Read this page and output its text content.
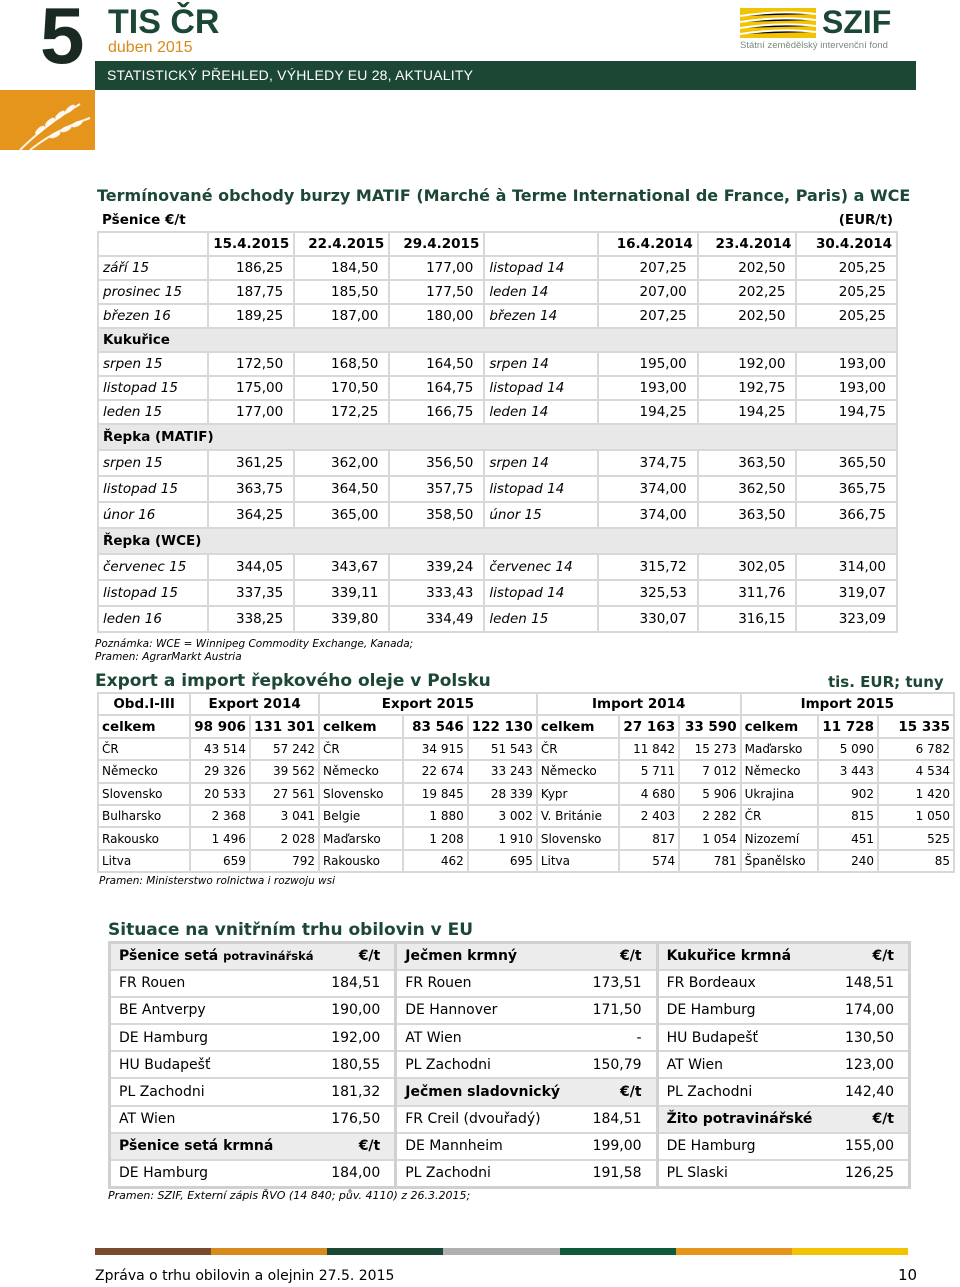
5 TIS ČR
duben 2015
STATISTICKÝ PŘEHLED, VÝHLEDY EU 28, AKTUALITY
SZIF
Státní zemědělský intervenční fond
Termínované obchody burzy MATIF (Marché à Terme International de France, Paris) a WCE
Pšenice €/t							(EUR/t)
	15.4.2015	22.4.2015	29.4.2015		16.4.2014	23.4.2014	30.4.2014
září 15	186,25	184,50	177,00	listopad 14	207,25	202,50	205,25
prosinec 15	187,75	185,50	177,50	leden 14	207,00	202,25	205,25
březen 16	189,25	187,00	180,00	březen 14	207,25	202,50	205,25
Kukuřice							
srpen 15	172,50	168,50	164,50	srpen 14	195,00	192,00	193,00
listopad 15	175,00	170,50	164,75	listopad 14	193,00	192,75	193,00
leden 15	177,00	172,25	166,75	leden 14	194,25	194,25	194,75
Řepka (MATIF)							
srpen 15	361,25	362,00	356,50	srpen 14	374,75	363,50	365,50
listopad 15	363,75	364,50	357,75	listopad 14	374,00	362,50	365,75
únor 16	364,25	365,00	358,50	únor 15	374,00	363,50	366,75
Řepka (WCE)							
červenec 15	344,05	343,67	339,24	červenec 14	315,72	302,05	314,00
listopad 15	337,35	339,11	333,43	listopad 14	325,53	311,76	319,07
leden 16	338,25	339,80	334,49	leden 15	330,07	316,15	323,09
Poznámka: WCE = Winnipeg Commodity Exchange, Kanada;
Pramen: AgrarMarkt Austria
Export a import řepkového oleje v Polsku	tis. EUR; tuny
Obd.I-III	Export 2014		Export 2015			Import 2014			Import 2015		
celkem	98 906	131 301	celkem	83 546	122 130	celkem	27 163	33 590	celkem	11 728	15 335
ČR	43 514	57 242	ČR	34 915	51 543	ČR	11 842	15 273	Maďarsko	5 090	6 782
Německo	29 326	39 562	Německo	22 674	33 243	Německo	5 711	7 012	Německo	3 443	4 534
Slovensko	20 533	27 561	Slovensko	19 845	28 339	Kypr	4 680	5 906	Ukrajina	902	1 420
Bulharsko	2 368	3 041	Belgie	1 880	3 002	V. Británie	2 403	2 282	ČR	815	1 050
Rakousko	1 496	2 028	Maďarsko	1 208	1 910	Slovensko	817	1 054	Nizozemí	451	525
Litva	659	792	Rakousko	462	695	Litva	574	781	Španělsko	240	85
Pramen: Ministerstwo rolnictwa i rozwoju wsi
Situace na vnitřním trhu obilovin v EU
Pšenice setá potravinářská	€/t	Ječmen krmný	€/t	Kukuřice krmná	€/t
FR Rouen	184,51	FR Rouen	173,51	FR Bordeaux	148,51
BE Antverpy	190,00	DE Hannover	171,50	DE Hamburg	174,00
DE Hamburg	192,00	AT Wien	-	HU Budapešť	130,50
HU Budapešť	180,55	PL Zachodni	150,79	AT Wien	123,00
PL Zachodni	181,32	Ječmen sladovnický	€/t	PL Zachodni	142,40
AT Wien	176,50	FR Creil (dvouřadý)	184,51	Žito potravinářské	€/t
Pšenice setá krmná	€/t	DE Mannheim	199,00	DE Hamburg	155,00
DE Hamburg	184,00	PL Zachodni	191,58	PL Slaski	126,25
Pramen: SZIF, Externí zápis ŘVO (14 840; pův. 4110) z 26.3.2015;
Zpráva o trhu obilovin a olejnin 27.5. 2015	10
